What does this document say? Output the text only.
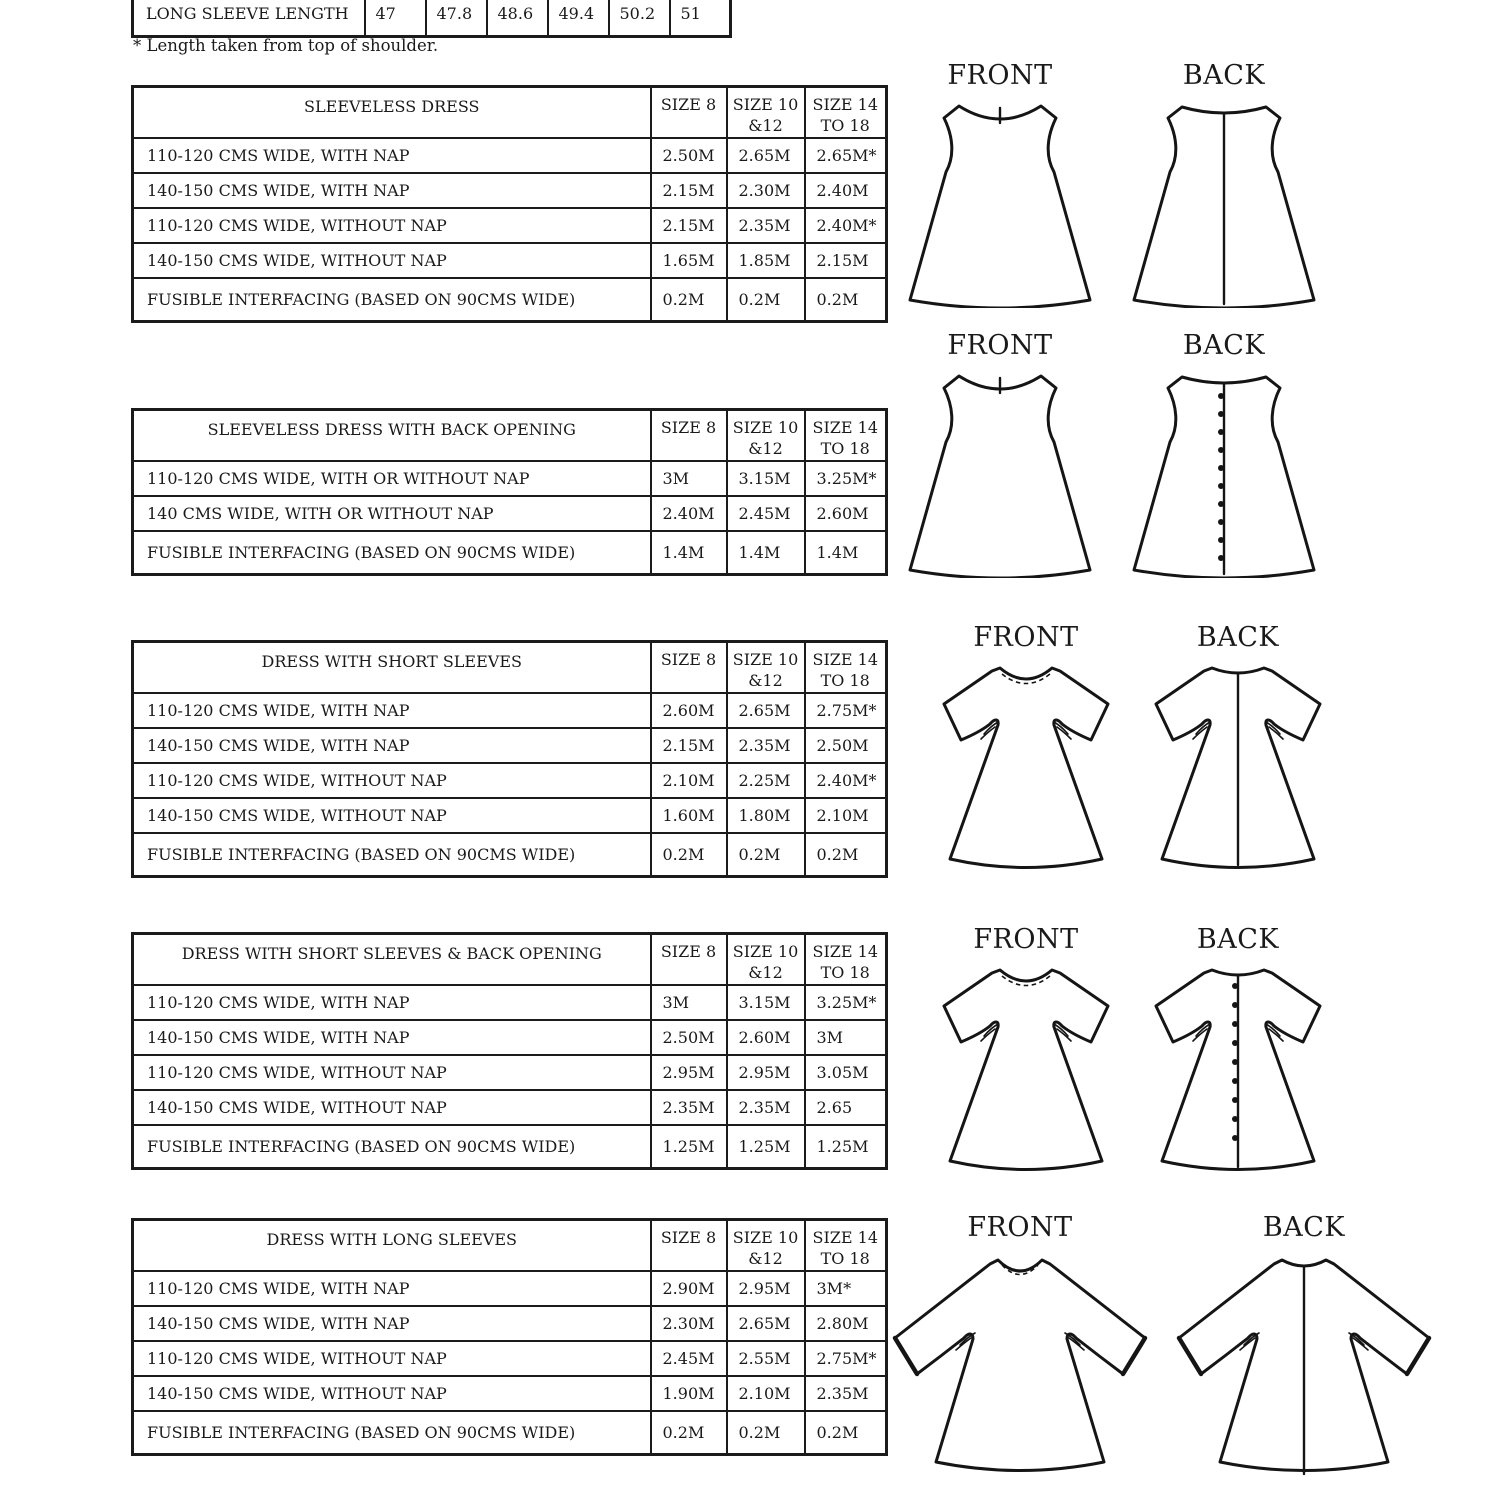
LONG SLEEVE LENGTH	47	47.8	48.6	49.4	50.2	51
* Length taken from top of shoulder.
SLEEVELESS DRESS	SIZE 8	SIZE 10 &12	SIZE 14 TO 18
110-120 CMS WIDE, WITH NAP	2.50M	2.65M	2.65M*
140-150 CMS WIDE, WITH NAP	2.15M	2.30M	2.40M
110-120 CMS WIDE, WITHOUT NAP	2.15M	2.35M	2.40M*
140-150 CMS WIDE, WITHOUT NAP	1.65M	1.85M	2.15M
FUSIBLE INTERFACING (BASED ON 90CMS WIDE)	0.2M	0.2M	0.2M
FRONT	BACK
SLEEVELESS DRESS WITH BACK OPENING	SIZE 8	SIZE 10 &12	SIZE 14 TO 18
110-120 CMS WIDE, WITH OR WITHOUT NAP	3M	3.15M	3.25M*
140 CMS WIDE, WITH OR WITHOUT NAP	2.40M	2.45M	2.60M
FUSIBLE INTERFACING (BASED ON 90CMS WIDE)	1.4M	1.4M	1.4M
FRONT	BACK
DRESS WITH SHORT SLEEVES	SIZE 8	SIZE 10 &12	SIZE 14 TO 18
110-120 CMS WIDE, WITH NAP	2.60M	2.65M	2.75M*
140-150 CMS WIDE, WITH NAP	2.15M	2.35M	2.50M
110-120 CMS WIDE, WITHOUT NAP	2.10M	2.25M	2.40M*
140-150 CMS WIDE, WITHOUT NAP	1.60M	1.80M	2.10M
FUSIBLE INTERFACING (BASED ON 90CMS WIDE)	0.2M	0.2M	0.2M
FRONT	BACK
DRESS WITH SHORT SLEEVES & BACK OPENING	SIZE 8	SIZE 10 &12	SIZE 14 TO 18
110-120 CMS WIDE, WITH NAP	3M	3.15M	3.25M*
140-150 CMS WIDE, WITH NAP	2.50M	2.60M	3M
110-120 CMS WIDE, WITHOUT NAP	2.95M	2.95M	3.05M
140-150 CMS WIDE, WITHOUT NAP	2.35M	2.35M	2.65
FUSIBLE INTERFACING (BASED ON 90CMS WIDE)	1.25M	1.25M	1.25M
FRONT	BACK
DRESS WITH LONG SLEEVES	SIZE 8	SIZE 10 &12	SIZE 14 TO 18
110-120 CMS WIDE, WITH NAP	2.90M	2.95M	3M*
140-150 CMS WIDE, WITH NAP	2.30M	2.65M	2.80M
110-120 CMS WIDE, WITHOUT NAP	2.45M	2.55M	2.75M*
140-150 CMS WIDE, WITHOUT NAP	1.90M	2.10M	2.35M
FUSIBLE INTERFACING (BASED ON 90CMS WIDE)	0.2M	0.2M	0.2M
FRONT	BACK
